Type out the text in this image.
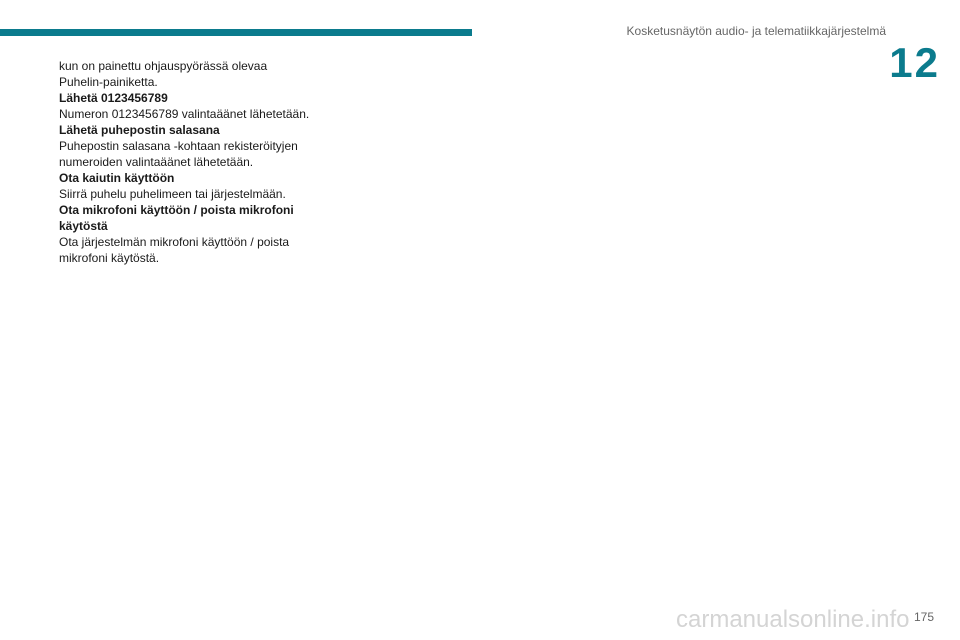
Kosketusnäytön audio- ja telematiikkajärjestelmä
12

kun on painettu ohjauspyörässä olevaa
Puhelin-painiketta.

Lähetä 0123456789

Numeron 0123456789 valintaäänet lähetetään.

Lähetä puhepostin salasana

Puhepostin salasana -kohtaan rekisteröityjen
numeroiden valintaäänet lähetetään.

Ota kaiutin käyttöön

Siirrä puhelu puhelimeen tai järjestelmään.

Ota mikrofoni käyttöön / poista mikrofoni
käytöstä

Ota järjestelmän mikrofoni käyttöön / poista
mikrofoni käytöstä.

175
carmanualsonline.info
